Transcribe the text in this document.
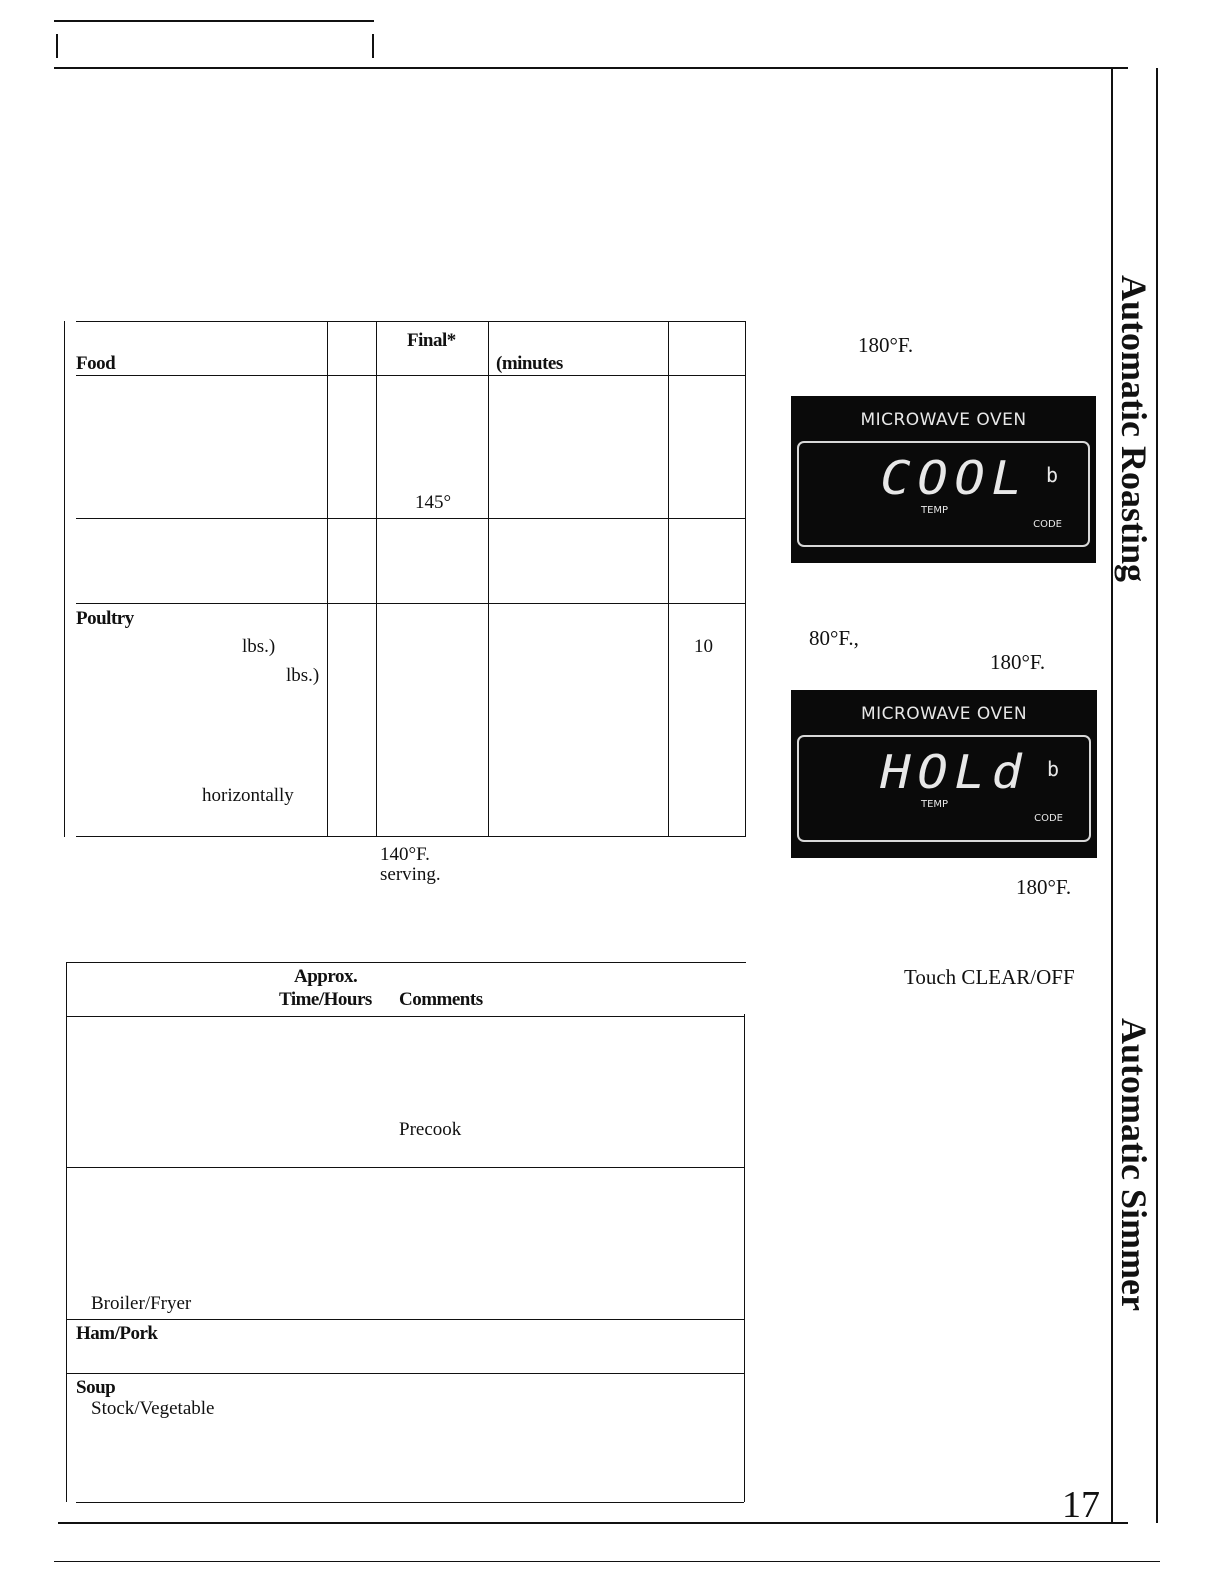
Automatic Roasting
Automatic Simmer
Final*
Food	(minutes
145°
Poultry
lbs.)
lbs.)
10
horizontally
140°F.
serving.
Approx.
Time/Hours Comments
Precook
Broiler/Fryer
Ham/Pork
Soup
Stock/Vegetable
180°F.
80°F.,
180°F.
180°F.
Touch CLEAR/OFF
MICROWAVE OVEN
COOL b
TEMP
CODE
MICROWAVE OVEN
HOLd b
TEMP
CODE
17
